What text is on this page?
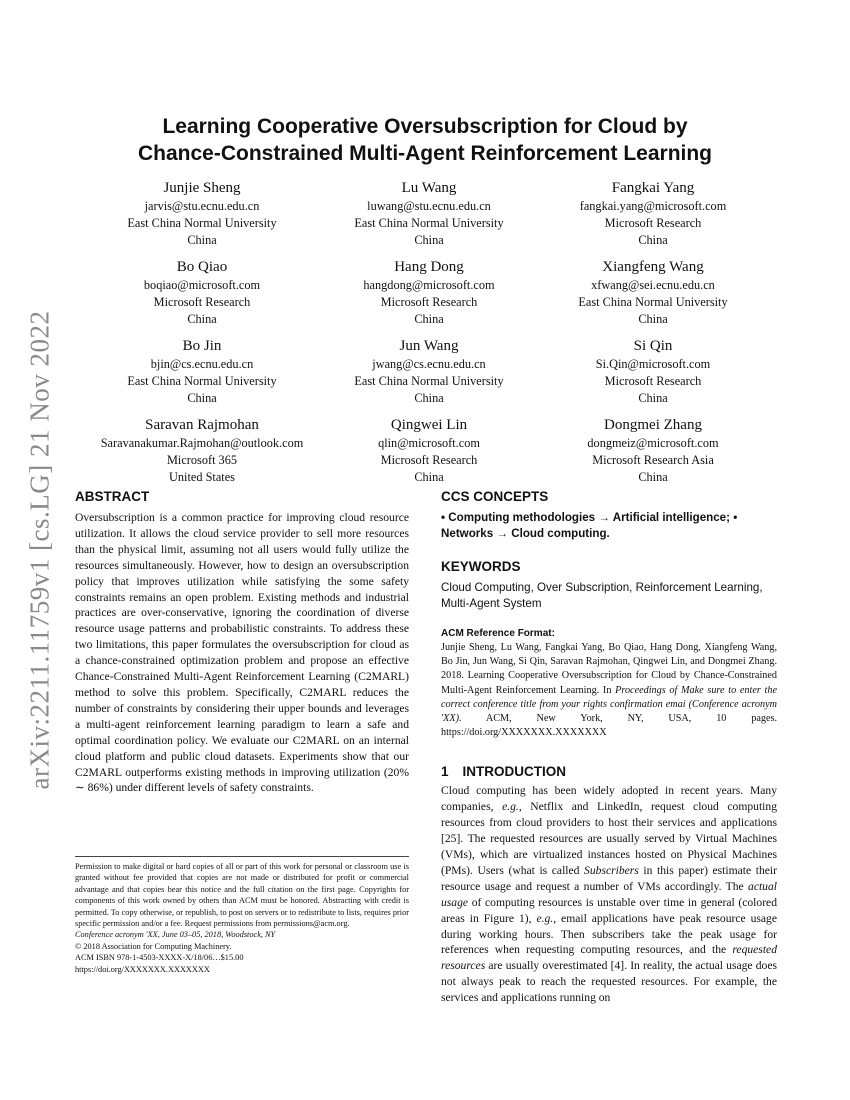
arXiv:2211.11759v1 [cs.LG] 21 Nov 2022
Learning Cooperative Oversubscription for Cloud by
Chance-Constrained Multi-Agent Reinforcement Learning
Junjie Sheng
jarvis@stu.ecnu.edu.cn
East China Normal University
China
Lu Wang
luwang@stu.ecnu.edu.cn
East China Normal University
China
Fangkai Yang
fangkai.yang@microsoft.com
Microsoft Research
China
Bo Qiao
boqiao@microsoft.com
Microsoft Research
China
Hang Dong
hangdong@microsoft.com
Microsoft Research
China
Xiangfeng Wang
xfwang@sei.ecnu.edu.cn
East China Normal University
China
Bo Jin
bjin@cs.ecnu.edu.cn
East China Normal University
China
Jun Wang
jwang@cs.ecnu.edu.cn
East China Normal University
China
Si Qin
Si.Qin@microsoft.com
Microsoft Research
China
Saravan Rajmohan
Saravanakumar.Rajmohan@outlook.com
Microsoft 365
United States
Qingwei Lin
qlin@microsoft.com
Microsoft Research
China
Dongmei Zhang
dongmeiz@microsoft.com
Microsoft Research Asia
China
ABSTRACT

Oversubscription is a common practice for improving cloud resource utilization. It allows the cloud service provider to sell more resources than the physical limit, assuming not all users would fully utilize the resources simultaneously. However, how to design an oversubscription policy that improves utilization while satisfying the some safety constraints remains an open problem. Existing methods and industrial practices are over-conservative, ignoring the coordination of diverse resource usage patterns and probabilistic constraints. To address these two limitations, this paper formulates the oversubscription for cloud as a chance-constrained optimization problem and propose an effective Chance-Constrained Multi-Agent Reinforcement Learning (C2MARL) method to solve this problem. Specifically, C2MARL reduces the number of constraints by considering their upper bounds and leverages a multi-agent reinforcement learning paradigm to learn a safe and optimal coordination policy. We evaluate our C2MARL on an internal cloud platform and public cloud datasets. Experiments show that our C2MARL outperforms existing methods in improving utilization (20% ∼ 86%) under different levels of safety constraints.

CCS CONCEPTS

• Computing methodologies → Artificial intelligence; • Networks → Cloud computing.

KEYWORDS

Cloud Computing, Over Subscription, Reinforcement Learning, Multi-Agent System

ACM Reference Format:

Junjie Sheng, Lu Wang, Fangkai Yang, Bo Qiao, Hang Dong, Xiangfeng Wang, Bo Jin, Jun Wang, Si Qin, Saravan Rajmohan, Qingwei Lin, and Dongmei Zhang. 2018. Learning Cooperative Oversubscription for Cloud by Chance-Constrained Multi-Agent Reinforcement Learning. In Proceedings of Make sure to enter the correct conference title from your rights confirmation emai (Conference acronym 'XX). ACM, New York, NY, USA, 10 pages. https://doi.org/XXXXXXX.XXXXXXX

1 INTRODUCTION

Cloud computing has been widely adopted in recent years. Many companies, e.g., Netflix and LinkedIn, request cloud computing resources from cloud providers to host their services and applications [25]. The requested resources are usually served by Virtual Machines (VMs), which are virtualized instances hosted on Physical Machines (PMs). Users (what is called Subscribers in this paper) estimate their resource usage and request a number of VMs accordingly. The actual usage of computing resources is unstable over time in general (colored areas in Figure 1), e.g., email applications have peak resource usage during working hours. Then subscribers take the peak usage for references when requesting computing resources, and the requested resources are usually overestimated [4]. In reality, the actual usage does not always peak to reach the requested resources. For example, the services and applications running on

Permission to make digital or hard copies of all or part of this work for personal or classroom use is granted without fee provided that copies are not made or distributed for profit or commercial advantage and that copies bear this notice and the full citation on the first page. Copyrights for components of this work owned by others than ACM must be honored. Abstracting with credit is permitted. To copy otherwise, or republish, to post on servers or to redistribute to lists, requires prior specific permission and/or a fee. Request permissions from permissions@acm.org.

Conference acronym 'XX, June 03–05, 2018, Woodstock, NY

© 2018 Association for Computing Machinery.

ACM ISBN 978-1-4503-XXXX-X/18/06…$15.00

https://doi.org/XXXXXXX.XXXXXXX
